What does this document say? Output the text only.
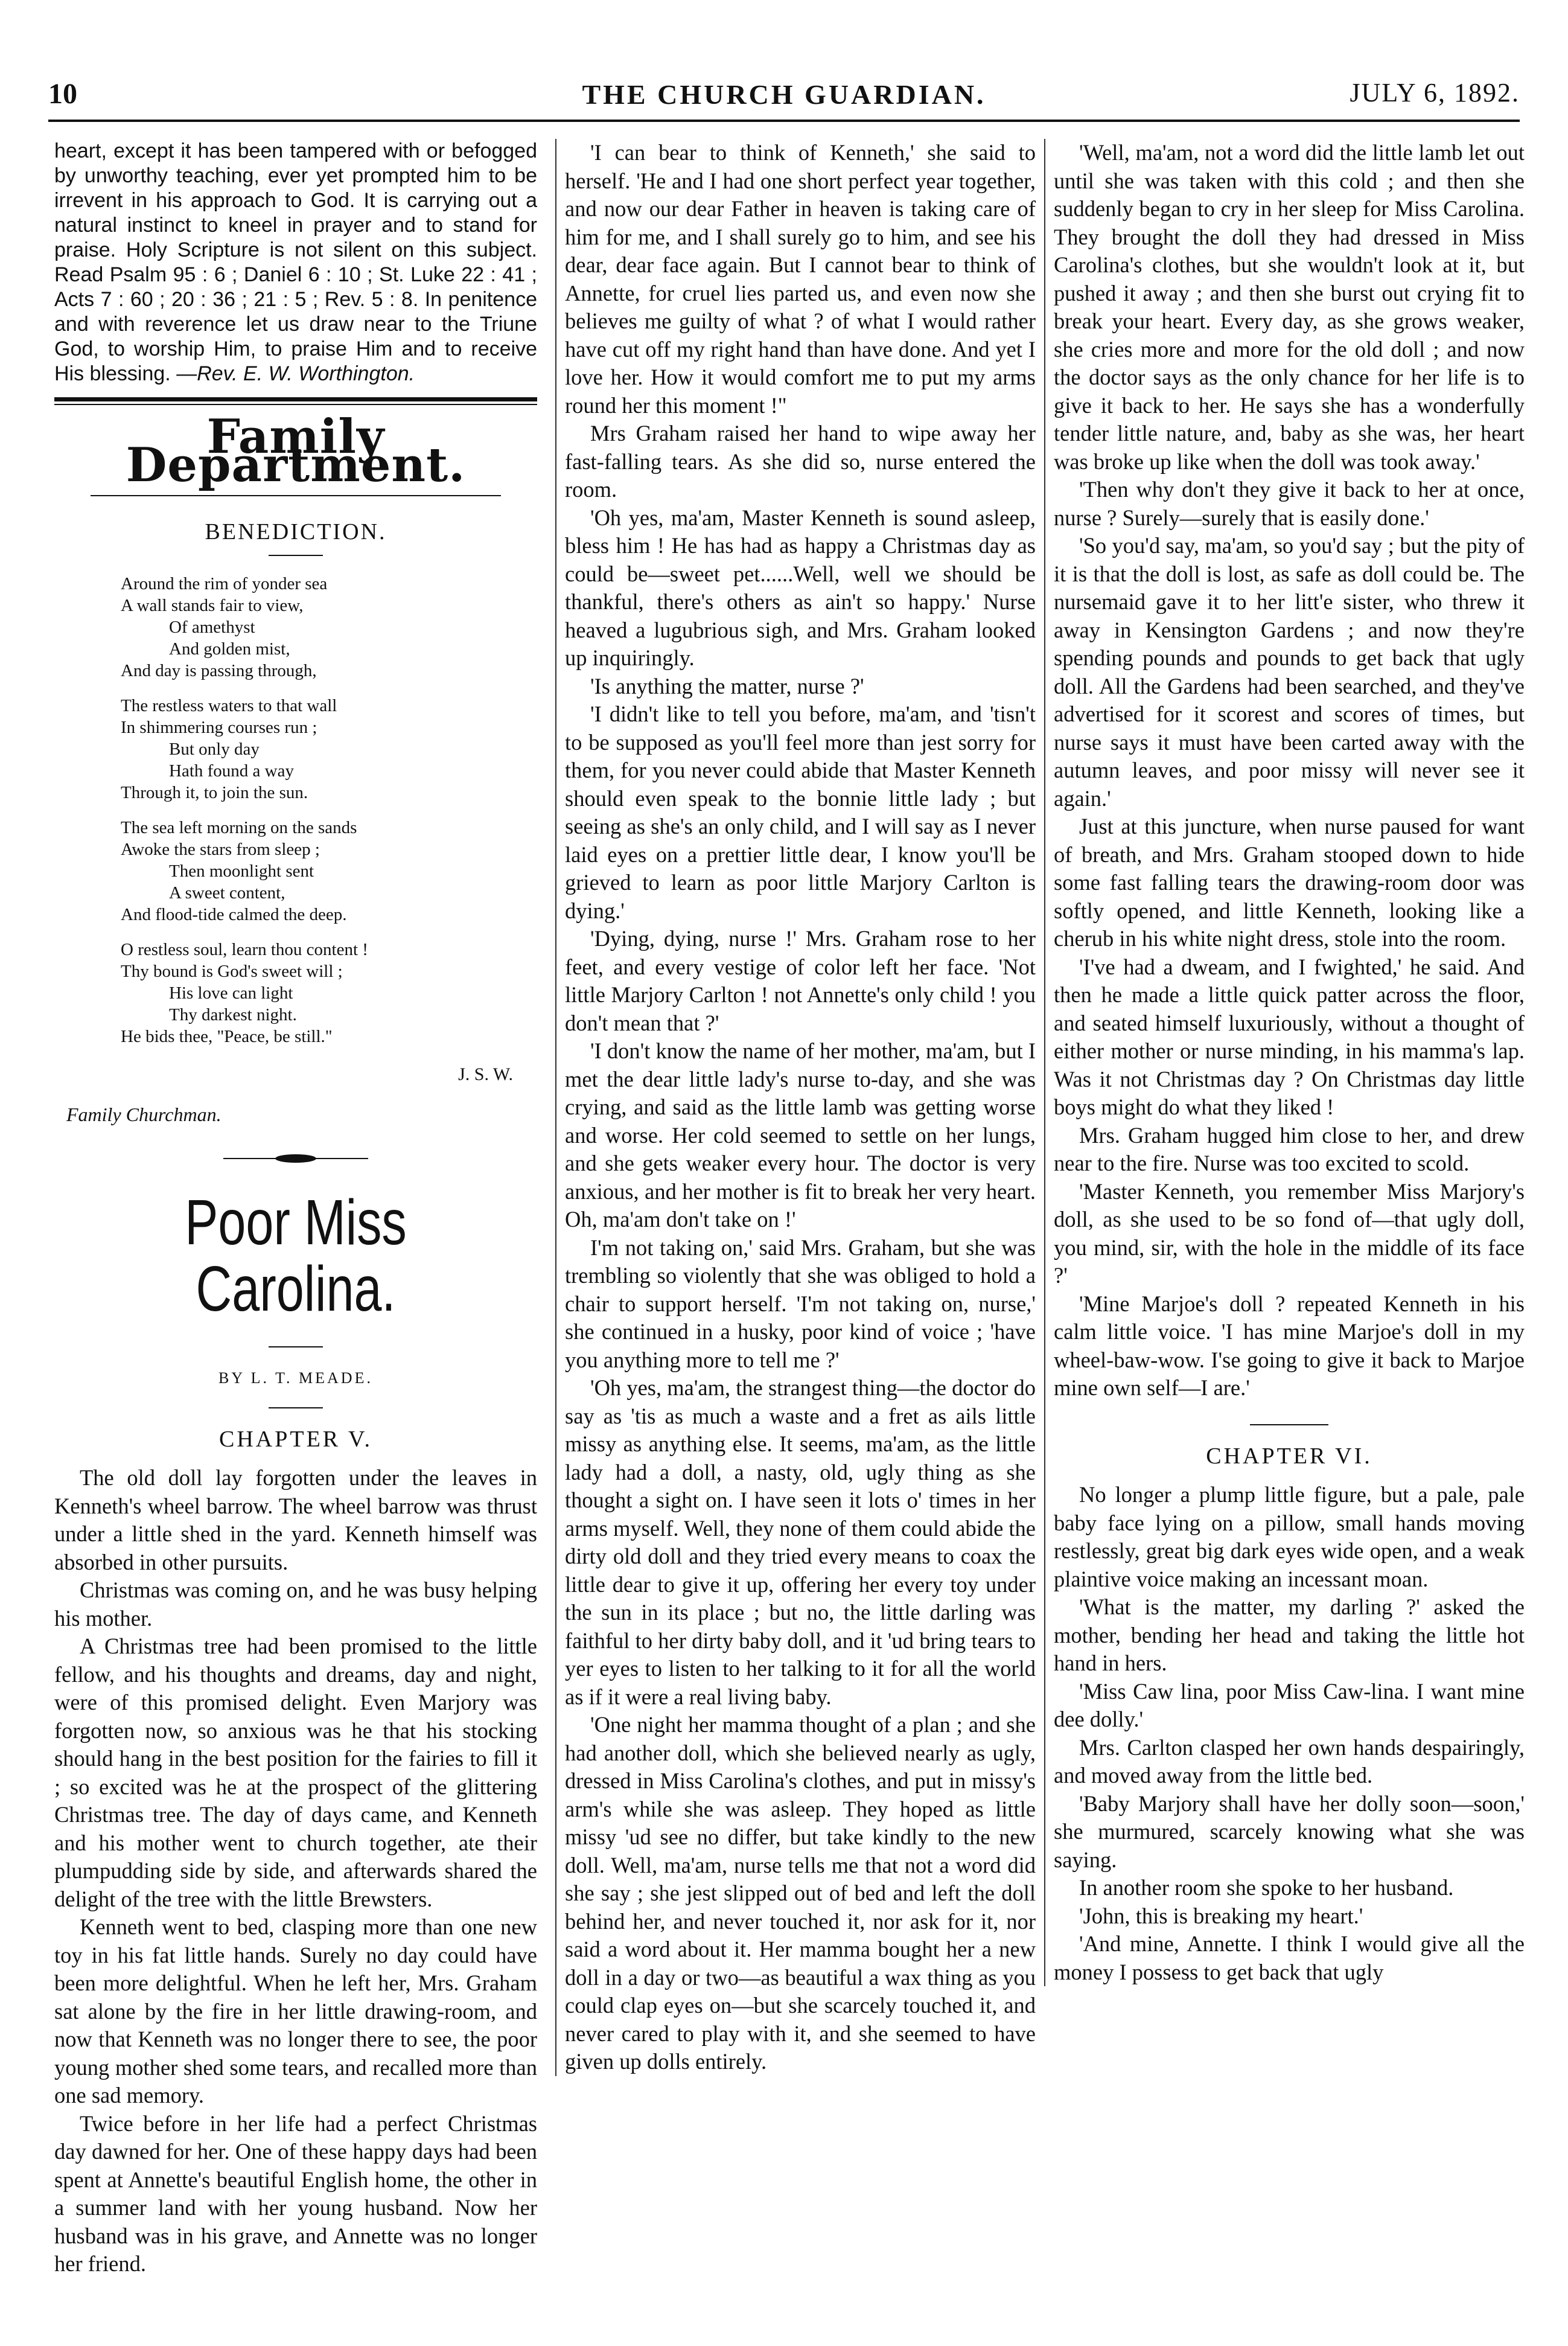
10	THE CHURCH GUARDIAN.	JULY 6, 1892.

heart, except it has been tampered with or befogged by unworthy teaching, ever yet prompted him to be irrevent in his approach to God. It is carrying out a natural instinct to kneel in prayer and to stand for praise. Holy Scripture is not silent on this subject. Read Psalm 95 : 6 ; Daniel 6 : 10 ; St. Luke 22 : 41 ; Acts 7 : 60 ; 20 : 36 ; 21 : 5 ; Rev. 5 : 8. In penitence and with reverence let us draw near to the Triune God, to worship Him, to praise Him and to receive His blessing. —Rev. E. W. Worthington.

Family Department.
BENEDICTION.
Around the rim of yonder sea
A wall stands fair to view,
Of amethyst
And golden mist,
And day is passing through,
The restless waters to that wall
In shimmering courses run ;
But only day
Hath found a way
Through it, to join the sun.
The sea left morning on the sands
Awoke the stars from sleep ;
Then moonlight sent
A sweet content,
And flood-tide calmed the deep.
O restless soul, learn thou content !
Thy bound is God's sweet will ;
His love can light
Thy darkest night.
He bids thee, "Peace, be still."
J. S. W.
Family Churchman.
Poor Miss Carolina.
BY L. T. MEADE.
CHAPTER V.

The old doll lay forgotten under the leaves in Kenneth's wheel barrow. The wheel barrow was thrust under a little shed in the yard. Kenneth himself was absorbed in other pursuits.

Christmas was coming on, and he was busy helping his mother.

A Christmas tree had been promised to the little fellow, and his thoughts and dreams, day and night, were of this promised delight. Even Marjory was forgotten now, so anxious was he that his stocking should hang in the best position for the fairies to fill it ; so excited was he at the prospect of the glittering Christmas tree. The day of days came, and Kenneth and his mother went to church together, ate their plumpudding side by side, and afterwards shared the delight of the tree with the little Brewsters.

Kenneth went to bed, clasping more than one new toy in his fat little hands. Surely no day could have been more delightful. When he left her, Mrs. Graham sat alone by the fire in her little drawing-room, and now that Kenneth was no longer there to see, the poor young mother shed some tears, and recalled more than one sad memory.

Twice before in her life had a perfect Christmas day dawned for her. One of these happy days had been spent at Annette's beautiful English home, the other in a summer land with her young husband. Now her husband was in his grave, and Annette was no longer her friend.

'I can bear to think of Kenneth,' she said to herself. 'He and I had one short perfect year together, and now our dear Father in heaven is taking care of him for me, and I shall surely go to him, and see his dear, dear face again. But I cannot bear to think of Annette, for cruel lies parted us, and even now she believes me guilty of what ? of what I would rather have cut off my right hand than have done. And yet I love her. How it would comfort me to put my arms round her this moment !"

Mrs Graham raised her hand to wipe away her fast-falling tears. As she did so, nurse entered the room.

'Oh yes, ma'am, Master Kenneth is sound asleep, bless him ! He has had as happy a Christmas day as could be—sweet pet......Well, well we should be thankful, there's others as ain't so happy.' Nurse heaved a lugubrious sigh, and Mrs. Graham looked up inquiringly.

'Is anything the matter, nurse ?'

'I didn't like to tell you before, ma'am, and 'tisn't to be supposed as you'll feel more than jest sorry for them, for you never could abide that Master Kenneth should even speak to the bonnie little lady ; but seeing as she's an only child, and I will say as I never laid eyes on a prettier little dear, I know you'll be grieved to learn as poor little Marjory Carlton is dying.'

'Dying, dying, nurse !' Mrs. Graham rose to her feet, and every vestige of color left her face. 'Not little Marjory Carlton ! not Annette's only child ! you don't mean that ?'

'I don't know the name of her mother, ma'am, but I met the dear little lady's nurse to-day, and she was crying, and said as the little lamb was getting worse and worse. Her cold seemed to settle on her lungs, and she gets weaker every hour. The doctor is very anxious, and her mother is fit to break her very heart. Oh, ma'am don't take on !'

I'm not taking on,' said Mrs. Graham, but she was trembling so violently that she was obliged to hold a chair to support herself. 'I'm not taking on, nurse,' she continued in a husky, poor kind of voice ; 'have you anything more to tell me ?'

'Oh yes, ma'am, the strangest thing—the doctor do say as 'tis as much a waste and a fret as ails little missy as anything else. It seems, ma'am, as the little lady had a doll, a nasty, old, ugly thing as she thought a sight on. I have seen it lots o' times in her arms myself. Well, they none of them could abide the dirty old doll and they tried every means to coax the little dear to give it up, offering her every toy under the sun in its place ; but no, the little darling was faithful to her dirty baby doll, and it 'ud bring tears to yer eyes to listen to her talking to it for all the world as if it were a real living baby.

'One night her mamma thought of a plan ; and she had another doll, which she believed nearly as ugly, dressed in Miss Carolina's clothes, and put in missy's arm's while she was asleep. They hoped as little missy 'ud see no differ, but take kindly to the new doll. Well, ma'am, nurse tells me that not a word did she say ; she jest slipped out of bed and left the doll behind her, and never touched it, nor ask for it, nor said a word about it. Her mamma bought her a new doll in a day or two—as beautiful a wax thing as you could clap eyes on—but she scarcely touched it, and never cared to play with it, and she seemed to have given up dolls entirely.

'Well, ma'am, not a word did the little lamb let out until she was taken with this cold ; and then she suddenly began to cry in her sleep for Miss Carolina. They brought the doll they had dressed in Miss Carolina's clothes, but she wouldn't look at it, but pushed it away ; and then she burst out crying fit to break your heart. Every day, as she grows weaker, she cries more and more for the old doll ; and now the doctor says as the only chance for her life is to give it back to her. He says she has a wonderfully tender little nature, and, baby as she was, her heart was broke up like when the doll was took away.'

'Then why don't they give it back to her at once, nurse ? Surely—surely that is easily done.'

'So you'd say, ma'am, so you'd say ; but the pity of it is that the doll is lost, as safe as doll could be. The nursemaid gave it to her litt'e sister, who threw it away in Kensington Gardens ; and now they're spending pounds and pounds to get back that ugly doll. All the Gardens had been searched, and they've advertised for it scorest and scores of times, but nurse says it must have been carted away with the autumn leaves, and poor missy will never see it again.'

Just at this juncture, when nurse paused for want of breath, and Mrs. Graham stooped down to hide some fast falling tears the drawing-room door was softly opened, and little Kenneth, looking like a cherub in his white night dress, stole into the room.

'I've had a dweam, and I fwighted,' he said. And then he made a little quick patter across the floor, and seated himself luxuriously, without a thought of either mother or nurse minding, in his mamma's lap. Was it not Christmas day ? On Christmas day little boys might do what they liked !

Mrs. Graham hugged him close to her, and drew near to the fire. Nurse was too excited to scold.

'Master Kenneth, you remember Miss Marjory's doll, as she used to be so fond of—that ugly doll, you mind, sir, with the hole in the middle of its face ?'

'Mine Marjoe's doll ? repeated Kenneth in his calm little voice. 'I has mine Marjoe's doll in my wheel-baw-wow. I'se going to give it back to Marjoe mine own self—I are.'

CHAPTER VI.

No longer a plump little figure, but a pale, pale baby face lying on a pillow, small hands moving restlessly, great big dark eyes wide open, and a weak plaintive voice making an incessant moan.

'What is the matter, my darling ?' asked the mother, bending her head and taking the little hot hand in hers.

'Miss Caw lina, poor Miss Caw-lina. I want mine dee dolly.'

Mrs. Carlton clasped her own hands despairingly, and moved away from the little bed.

'Baby Marjory shall have her dolly soon—soon,' she murmured, scarcely knowing what she was saying.

In another room she spoke to her husband.

'John, this is breaking my heart.'

'And mine, Annette. I think I would give all the money I possess to get back that ugly
